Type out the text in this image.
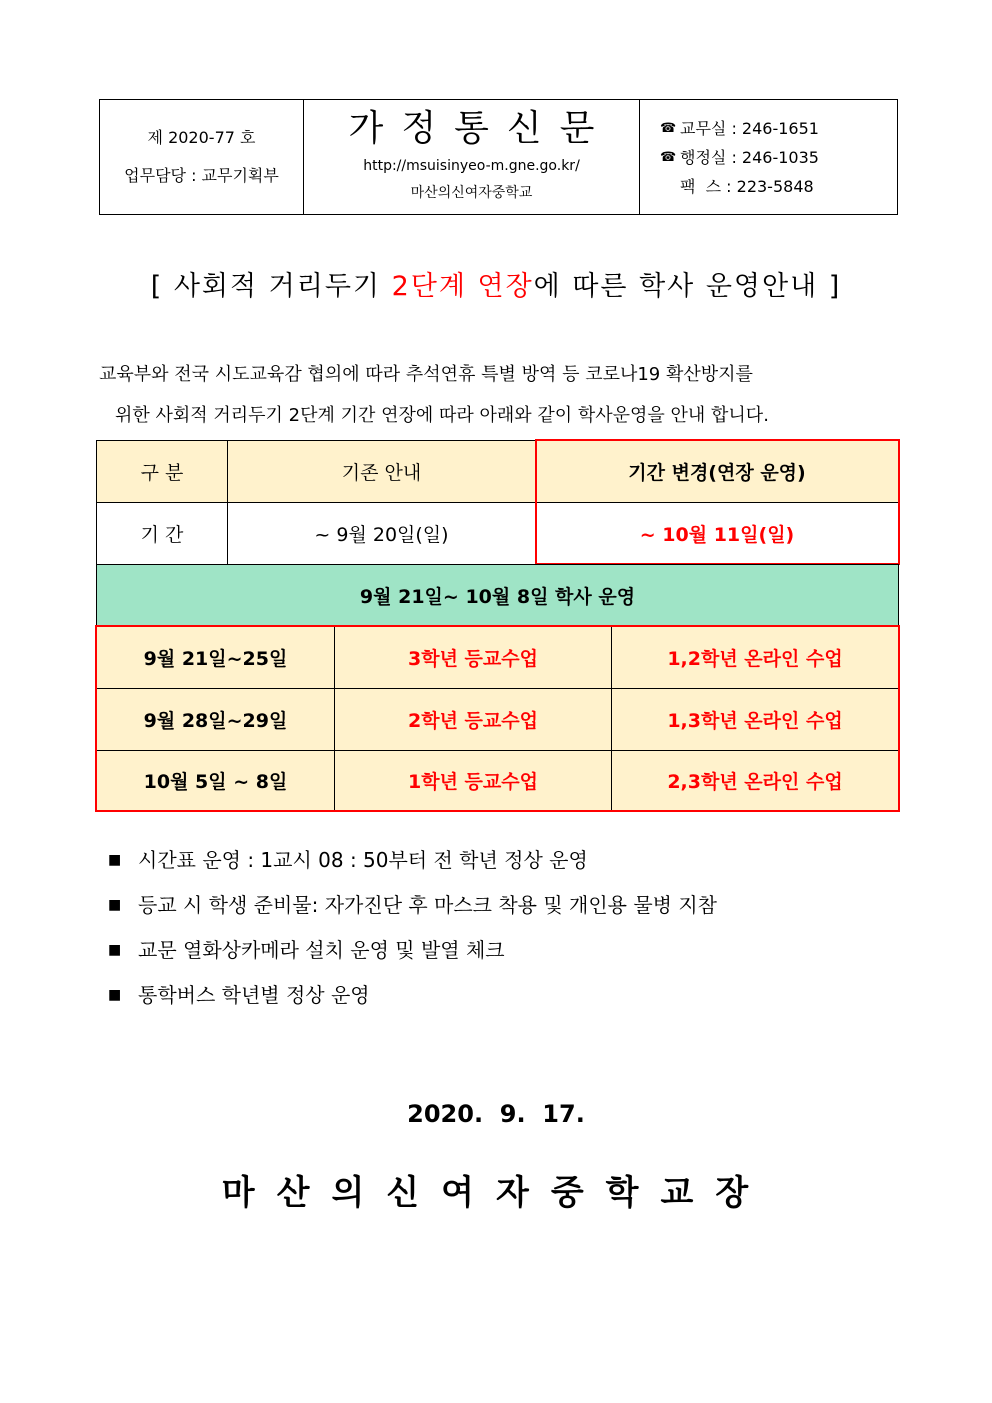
제 2020-77 호
업무담당 : 교무기획부
가정통신문
http://msuisinyeo-m.gne.go.kr/
마산의신여자중학교
☎ 교무실 : 246-1651
☎ 행정실 : 246-1035
팩  스 : 223-5848
[ 사회적 거리두기 2단계 연장에 따른 학사 운영안내 ]

교육부와 전국 시도교육감 협의에 따라 추석연휴 특별 방역 등 코로나19 확산방지를

위한 사회적 거리두기 2단계 기간 연장에 따라 아래와 같이 학사운영을 안내 합니다.

구 분	기존 안내	기간 변경(연장 운영)
기 간	~ 9월 20일(일)	~ 10월 11일(일)
9월 21일~ 10월 8일 학사 운영
9월 21일~25일	3학년 등교수업	1,2학년 온라인 수업
9월 28일~29일	2학년 등교수업	1,3학년 온라인 수업
10월 5일 ~ 8일	1학년 등교수업	2,3학년 온라인 수업
■ 시간표 운영 : 1교시 08 : 50부터 전 학년 정상 운영
■ 등교 시 학생 준비물: 자가진단 후 마스크 착용 및 개인용 물병 지참
■ 교문 열화상카메라 설치 운영 및 발열 체크
■ 통학버스 학년별 정상 운영
2020.  9.  17.
마산의신여자중학교장
